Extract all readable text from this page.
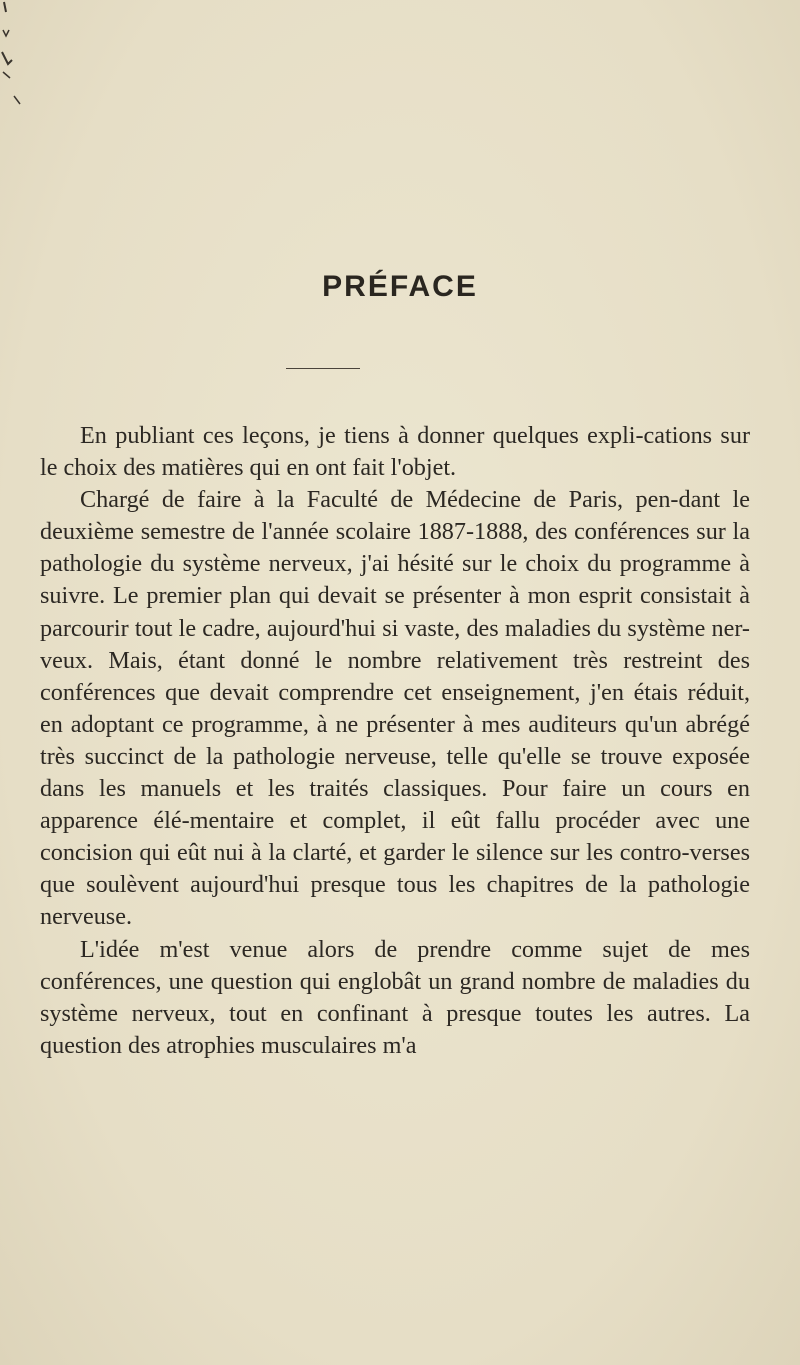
PRÉFACE

En publiant ces leçons, je tiens à donner quelques expli-cations sur le choix des matières qui en ont fait l'objet.

Chargé de faire à la Faculté de Médecine de Paris, pen-dant le deuxième semestre de l'année scolaire 1887-1888, des conférences sur la pathologie du système nerveux, j'ai hésité sur le choix du programme à suivre. Le premier plan qui devait se présenter à mon esprit consistait à parcourir tout le cadre, aujourd'hui si vaste, des maladies du système ner-veux. Mais, étant donné le nombre relativement très restreint des conférences que devait comprendre cet enseignement, j'en étais réduit, en adoptant ce programme, à ne présenter à mes auditeurs qu'un abrégé très succinct de la pathologie nerveuse, telle qu'elle se trouve exposée dans les manuels et les traités classiques. Pour faire un cours en apparence élé-mentaire et complet, il eût fallu procéder avec une concision qui eût nui à la clarté, et garder le silence sur les contro-verses que soulèvent aujourd'hui presque tous les chapitres de la pathologie nerveuse.

L'idée m'est venue alors de prendre comme sujet de mes conférences, une question qui englobât un grand nombre de maladies du système nerveux, tout en confinant à presque toutes les autres. La question des atrophies musculaires m'a
